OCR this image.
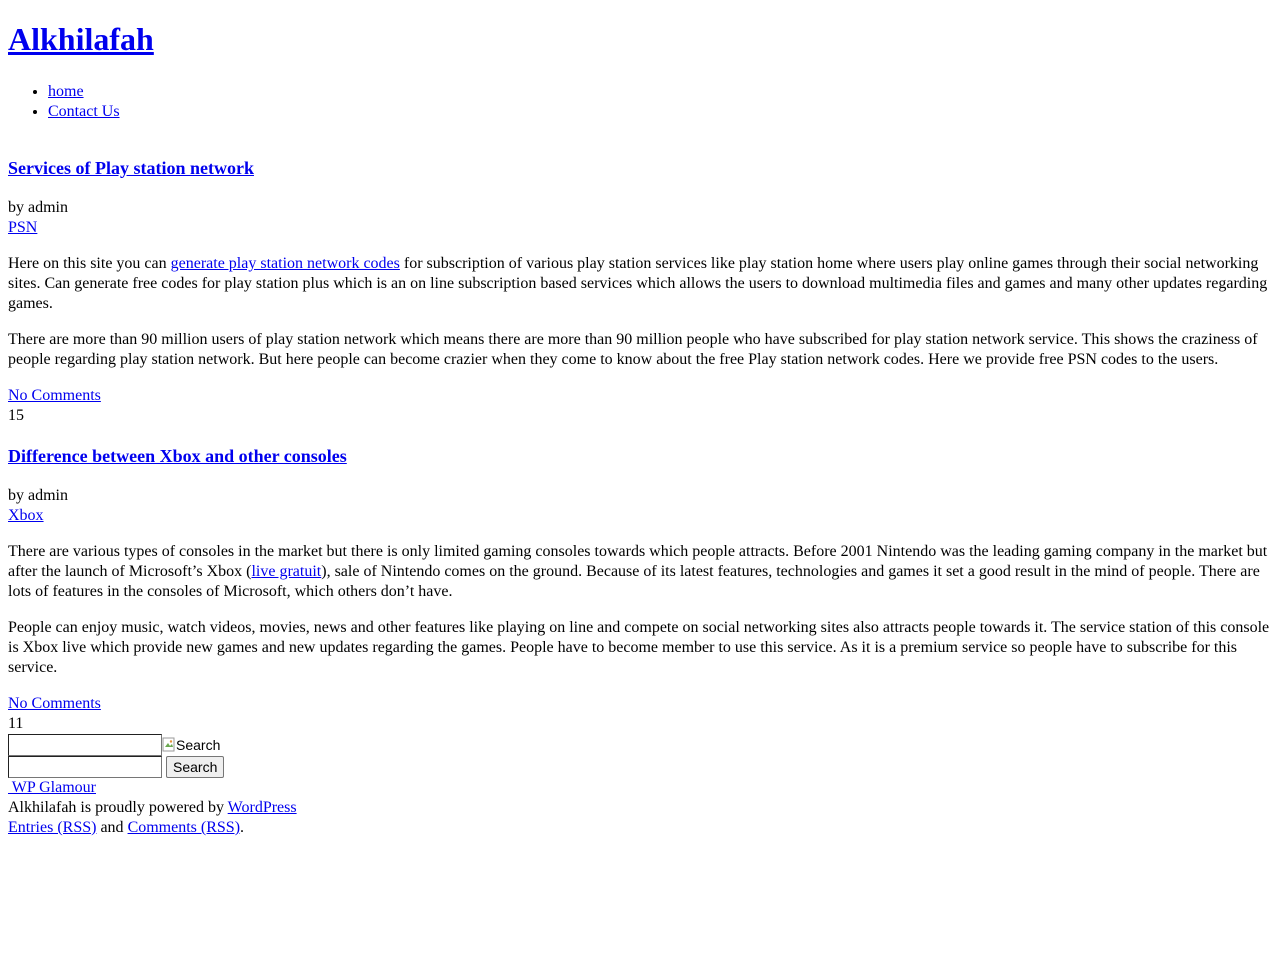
Alkhilafah
• home
• Contact Us
Services of Play station network
by admin
PSN

Here on this site you can generate play station network codes for subscription of various play station services like play station home where users play online games through their social networking sites. Can generate free codes for play station plus which is an on line subscription based services which allows the users to download multimedia files and games and many other updates regarding games.

There are more than 90 million users of play station network which means there are more than 90 million people who have subscribed for play station network service. This shows the craziness of people regarding play station network. But here people can become crazier when they come to know about the free Play station network codes. Here we provide free PSN codes to the users.

No Comments
15
Difference between Xbox and other consoles
by admin
Xbox

There are various types of consoles in the market but there is only limited gaming consoles towards which people attracts. Before 2001 Nintendo was the leading gaming company in the market but after the launch of Microsoft’s Xbox (live gratuit), sale of Nintendo comes on the ground. Because of its latest features, technologies and games it set a good result in the mind of people. There are lots of features in the consoles of Microsoft, which others don’t have.

People can enjoy music, watch videos, movies, news and other features like playing on line and compete on social networking sites also attracts people towards it. The service station of this console is Xbox live which provide new games and new updates regarding the games. People have to become member to use this service. As it is a premium service so people have to subscribe for this service.

No Comments
11
Search
Search
WP Glamour
Alkhilafah is proudly powered by WordPress
Entries (RSS) and Comments (RSS).
